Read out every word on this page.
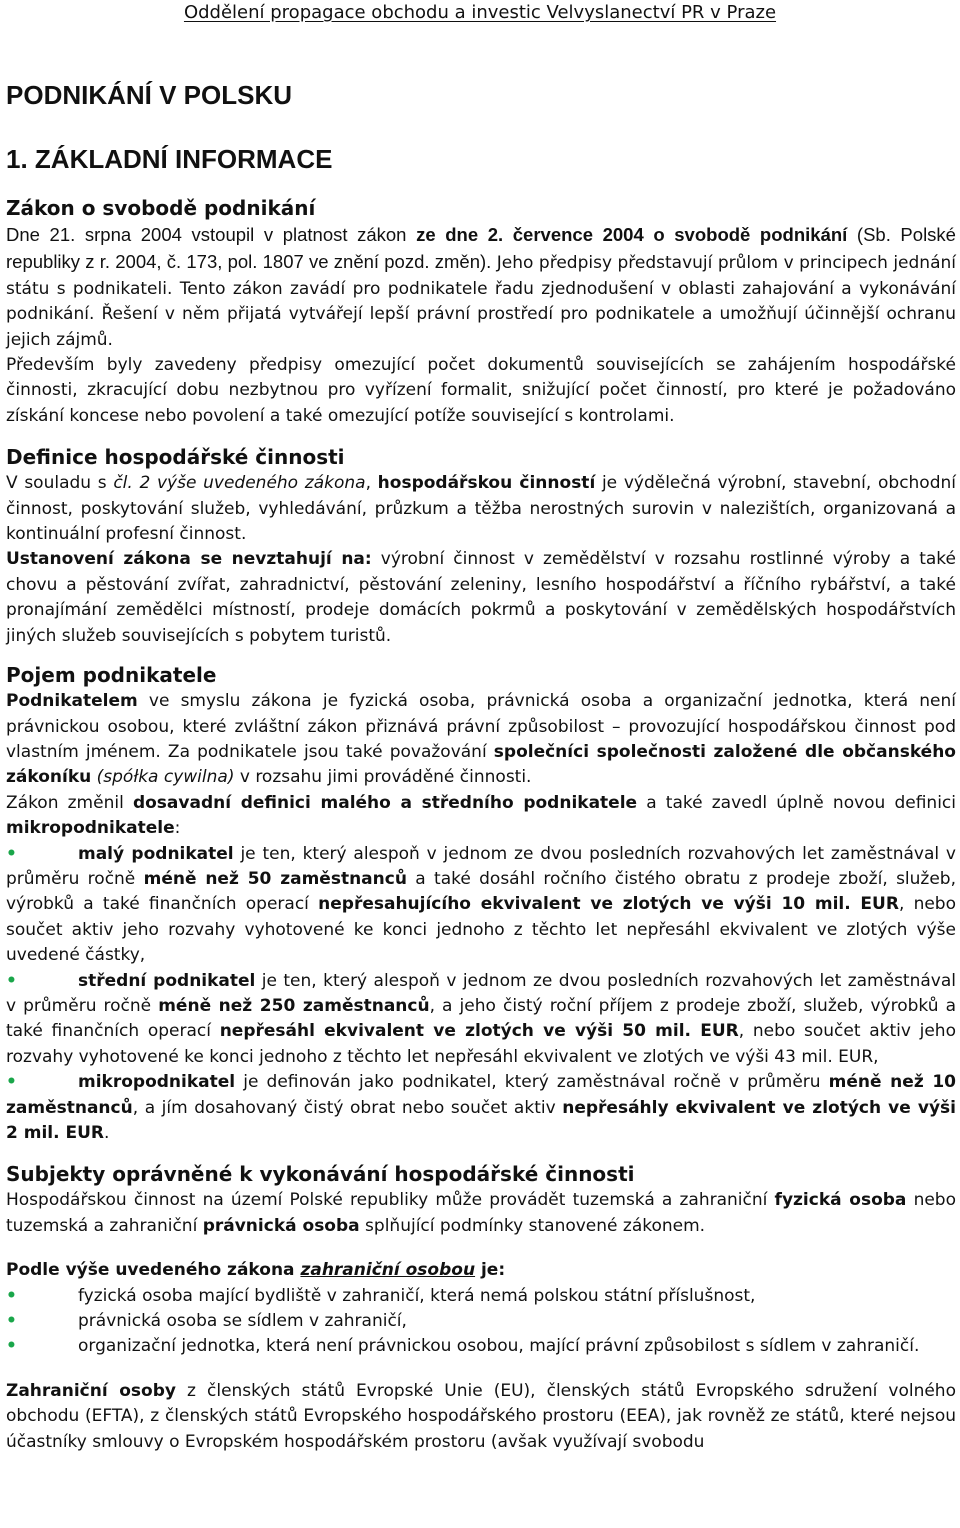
Oddělení propagace obchodu a investic Velvyslanectví PR v Praze
PODNIKÁNÍ V POLSKU
1. ZÁKLADNÍ INFORMACE
Zákon o svobodě podnikání

Dne 21. srpna 2004 vstoupil v platnost zákon ze dne 2. července 2004 o svobodě podnikání (Sb. Polské republiky z r. 2004, č. 173, pol. 1807 ve znění pozd. změn). Jeho předpisy představují průlom v principech jednání státu s podnikateli. Tento zákon zavádí pro podnikatele řadu zjednodušení v oblasti zahajování a vykonávání podnikání. Řešení v něm přijatá vytvářejí lepší právní prostředí pro podnikatele a umožňují účinnější ochranu jejich zájmů.

Především byly zavedeny předpisy omezující počet dokumentů souvisejících se zahájením hospodářské činnosti, zkracující dobu nezbytnou pro vyřízení formalit, snižující počet činností, pro které je požadováno získání koncese nebo povolení a také omezující potíže související s kontrolami.

Definice hospodářské činnosti

V souladu s čl. 2 výše uvedeného zákona, hospodářskou činností je výdělečná výrobní, stavební, obchodní činnost, poskytování služeb, vyhledávání, průzkum a těžba nerostných surovin v nalezištích, organizovaná a kontinuální profesní činnost.

Ustanovení zákona se nevztahují na: výrobní činnost v zemědělství v rozsahu rostlinné výroby a také chovu a pěstování zvířat, zahradnictví, pěstování zeleniny, lesního hospodářství a říčního rybářství, a také pronajímání zemědělci místností, prodeje domácích pokrmů a poskytování v zemědělských hospodářstvích jiných služeb souvisejících s pobytem turistů.

Pojem podnikatele

Podnikatelem ve smyslu zákona je fyzická osoba, právnická osoba a organizační jednotka, která není právnickou osobou, které zvláštní zákon přiznává právní způsobilost – provozující hospodářskou činnost pod vlastním jménem. Za podnikatele jsou také považování společníci společnosti založené dle občanského zákoníku (spółka cywilna) v rozsahu jimi prováděné činnosti.

Zákon změnil dosavadní definici malého a středního podnikatele a také zavedl úplně novou definici mikropodnikatele:

•	malý podnikatel je ten, který alespoň v jednom ze dvou posledních rozvahových let zaměstnával v průměru ročně méně než 50 zaměstnanců a také dosáhl ročního čistého obratu z prodeje zboží, služeb, výrobků a také finančních operací nepřesahujícího ekvivalent ve zlotých ve výši 10 mil. EUR, nebo součet aktiv jeho rozvahy vyhotovené ke konci jednoho z těchto let nepřesáhl ekvivalent ve zlotých výše uvedené částky,

•	střední podnikatel je ten, který alespoň v jednom ze dvou posledních rozvahových let zaměstnával v průměru ročně méně než 250 zaměstnanců, a jeho čistý roční příjem z prodeje zboží, služeb, výrobků a také finančních operací nepřesáhl ekvivalent ve zlotých ve výši 50 mil. EUR, nebo součet aktiv jeho rozvahy vyhotovené ke konci jednoho z těchto let nepřesáhl ekvivalent ve zlotých ve výši 43 mil. EUR,

•	mikropodnikatel je definován jako podnikatel, který zaměstnával ročně v průměru méně než 10 zaměstnanců, a jím dosahovaný čistý obrat nebo součet aktiv nepřesáhly ekvivalent ve zlotých ve výši 2 mil. EUR.

Subjekty oprávněné k vykonávání hospodářské činnosti

Hospodářskou činnost na území Polské republiky může provádět tuzemská a zahraniční fyzická osoba nebo tuzemská a zahraniční právnická osoba splňující podmínky stanovené zákonem.

Podle výše uvedeného zákona zahraniční osobou je:

•	fyzická osoba mající bydliště v zahraničí, která nemá polskou státní příslušnost,

•	právnická osoba se sídlem v zahraničí,

•	organizační jednotka, která není právnickou osobou, mající právní způsobilost s sídlem v zahraničí.

Zahraniční osoby z členských států Evropské Unie (EU), členských států Evropského sdružení volného obchodu (EFTA), z členských států Evropského hospodářského prostoru (EEA), jak rovněž ze států, které nejsou účastníky smlouvy o Evropském hospodářském prostoru (avšak využívají svobodu
